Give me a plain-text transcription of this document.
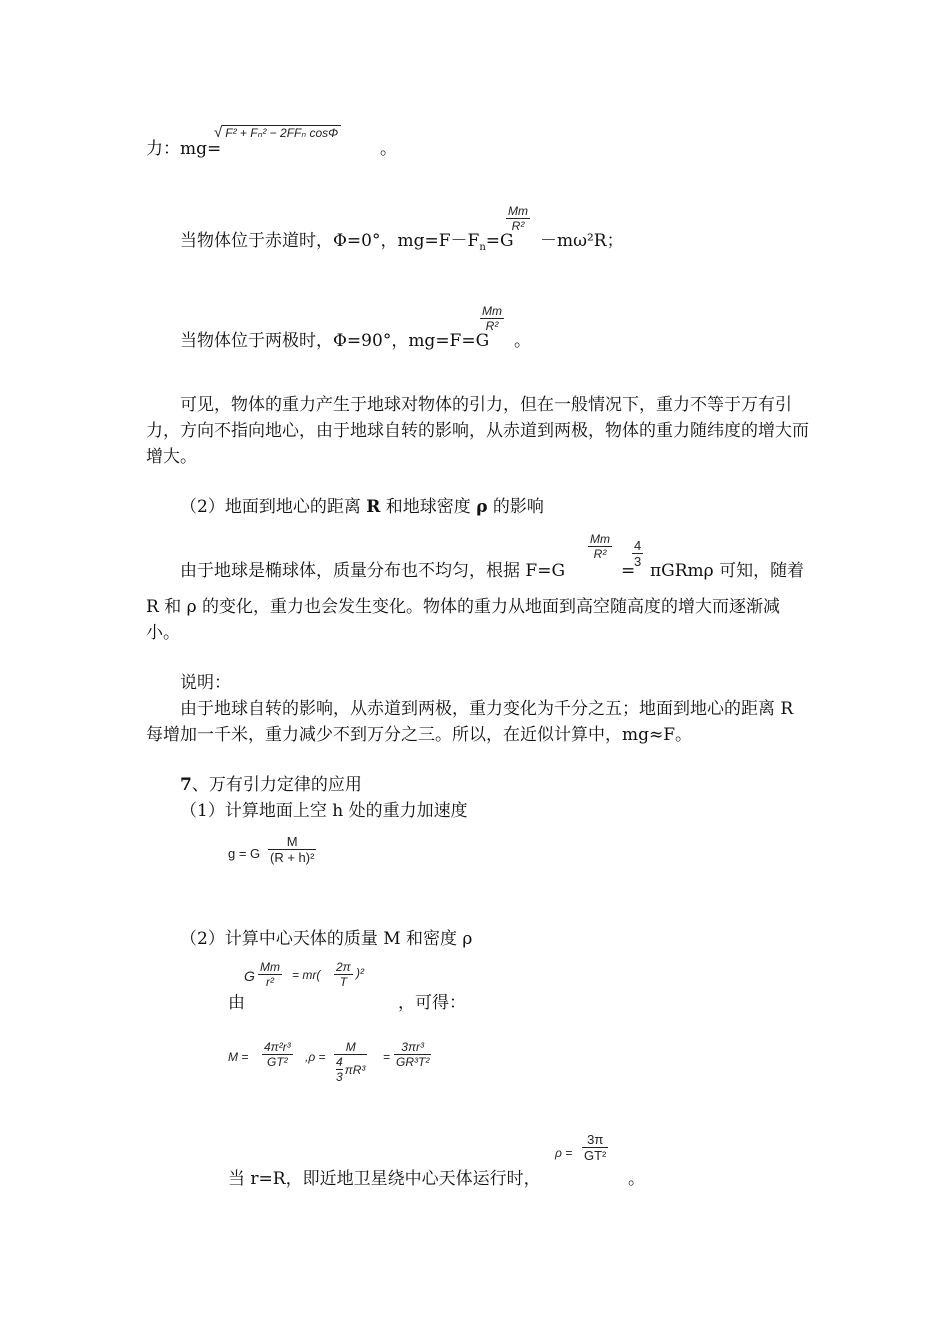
力：mg=
√ F² + Fₙ² − 2FFₙ cosΦ
。
当物体位于赤道时，Φ=0°，$mg=F-F_n=G$
Mm
R²
－mω²R；
当物体位于两极时，Φ=90°，mg=F=G
Mm
R²
。
可见，物体的重力产生于地球对物体的引力，但在一般情况下，重力不等于万有引力，方向不指向地心，由于地球自转的影响，从赤道到两极，物体的重力随纬度的增大而增大。
（2）地面到地心的距离 R 和地球密度 ρ 的影响
由于地球是椭球体，质量分布也不均匀，根据 F=G
Mm
R²
=
4
3 πGRmρ 可知，随着
R 和 ρ 的变化，重力也会发生变化。物体的重力从地面到高空随高度的增大而逐渐减小。
说明：
由于地球自转的影响，从赤道到两极，重力变化为千分之五；地面到地心的距离 R 每增加一千米，重力减少不到万分之三。所以，在近似计算中，mg≈F。
7、万有引力定律的应用
（1）计算地面上空 h 处的重力加速度
g = G
M
(R + h)²
（2）计算中心天体的质量 M 和密度 ρ
由
G
Mm
r² = mr(
2π
T
)²
，可得：
M =
4π²r³
GT² ,ρ =
M
4
3
πR³
=
3πr³
GR³T²
当 r=R，即近地卫星绕中心天体运行时，
ρ =
3π
GT²
。
